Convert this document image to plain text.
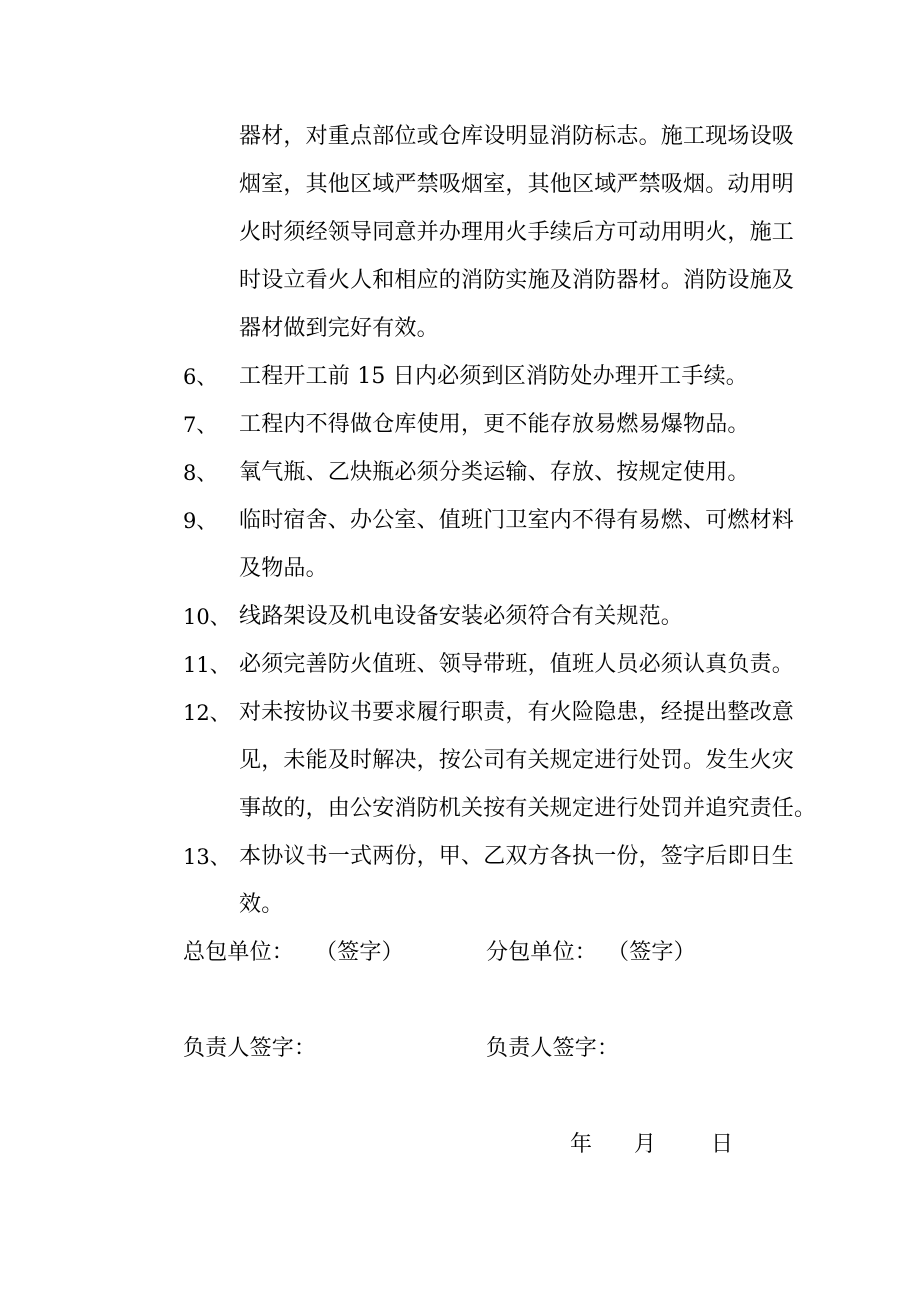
器材，对重点部位或仓库设明显消防标志。施工现场设吸
烟室，其他区域严禁吸烟室，其他区域严禁吸烟。动用明
火时须经领导同意并办理用火手续后方可动用明火，施工
时设立看火人和相应的消防实施及消防器材。消防设施及
器材做到完好有效。
6、 工程开工前 15 日内必须到区消防处办理开工手续。
7、 工程内不得做仓库使用，更不能存放易燃易爆物品。
8、 氧气瓶、乙炔瓶必须分类运输、存放、按规定使用。
9、 临时宿舍、办公室、值班门卫室内不得有易燃、可燃材料
及物品。
10、 线路架设及机电设备安装必须符合有关规范。
11、 必须完善防火值班、领导带班，值班人员必须认真负责。
12、 对未按协议书要求履行职责，有火险隐患，经提出整改意
见，未能及时解决，按公司有关规定进行处罚。发生火灾
事故的，由公安消防机关按有关规定进行处罚并追究责任。
13、 本协议书一式两份，甲、乙双方各执一份，签字后即日生
效。
总包单位： （签字）	分包单位： （签字）
负责人签字：	负责人签字：
年 月 日
